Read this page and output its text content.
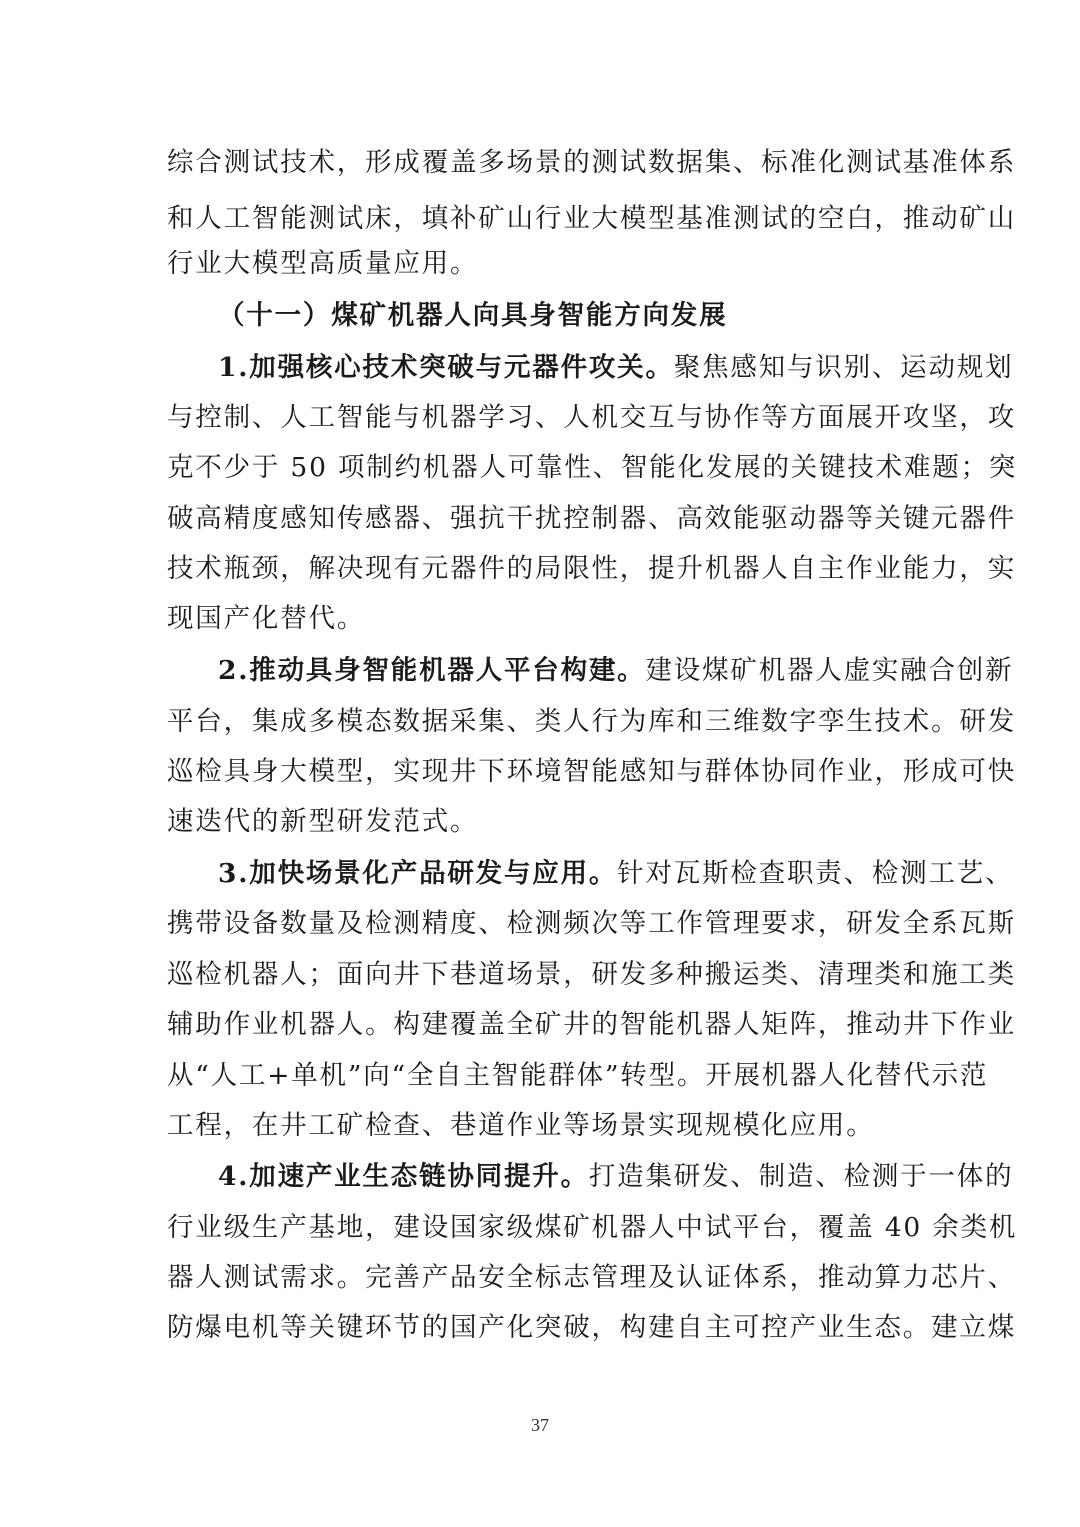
综合测试技术，形成覆盖多场景的测试数据集、标准化测试基准体系
和人工智能测试床，填补矿山行业大模型基准测试的空白，推动矿山
行业大模型高质量应用。
（十一）煤矿机器人向具身智能方向发展
1.加强核心技术突破与元器件攻关。聚焦感知与识别、运动规划
与控制、人工智能与机器学习、人机交互与协作等方面展开攻坚，攻
克不少于 50 项制约机器人可靠性、智能化发展的关键技术难题；突
破高精度感知传感器、强抗干扰控制器、高效能驱动器等关键元器件
技术瓶颈，解决现有元器件的局限性，提升机器人自主作业能力，实
现国产化替代。
2.推动具身智能机器人平台构建。建设煤矿机器人虚实融合创新
平台，集成多模态数据采集、类人行为库和三维数字孪生技术。研发
巡检具身大模型，实现井下环境智能感知与群体协同作业，形成可快
速迭代的新型研发范式。
3.加快场景化产品研发与应用。针对瓦斯检查职责、检测工艺、
携带设备数量及检测精度、检测频次等工作管理要求，研发全系瓦斯
巡检机器人；面向井下巷道场景，研发多种搬运类、清理类和施工类
辅助作业机器人。构建覆盖全矿井的智能机器人矩阵，推动井下作业
从“人工+单机”向“全自主智能群体”转型。开展机器人化替代示范
工程，在井工矿检查、巷道作业等场景实现规模化应用。
4.加速产业生态链协同提升。打造集研发、制造、检测于一体的
行业级生产基地，建设国家级煤矿机器人中试平台，覆盖 40 余类机
器人测试需求。完善产品安全标志管理及认证体系，推动算力芯片、
防爆电机等关键环节的国产化突破，构建自主可控产业生态。建立煤
37
